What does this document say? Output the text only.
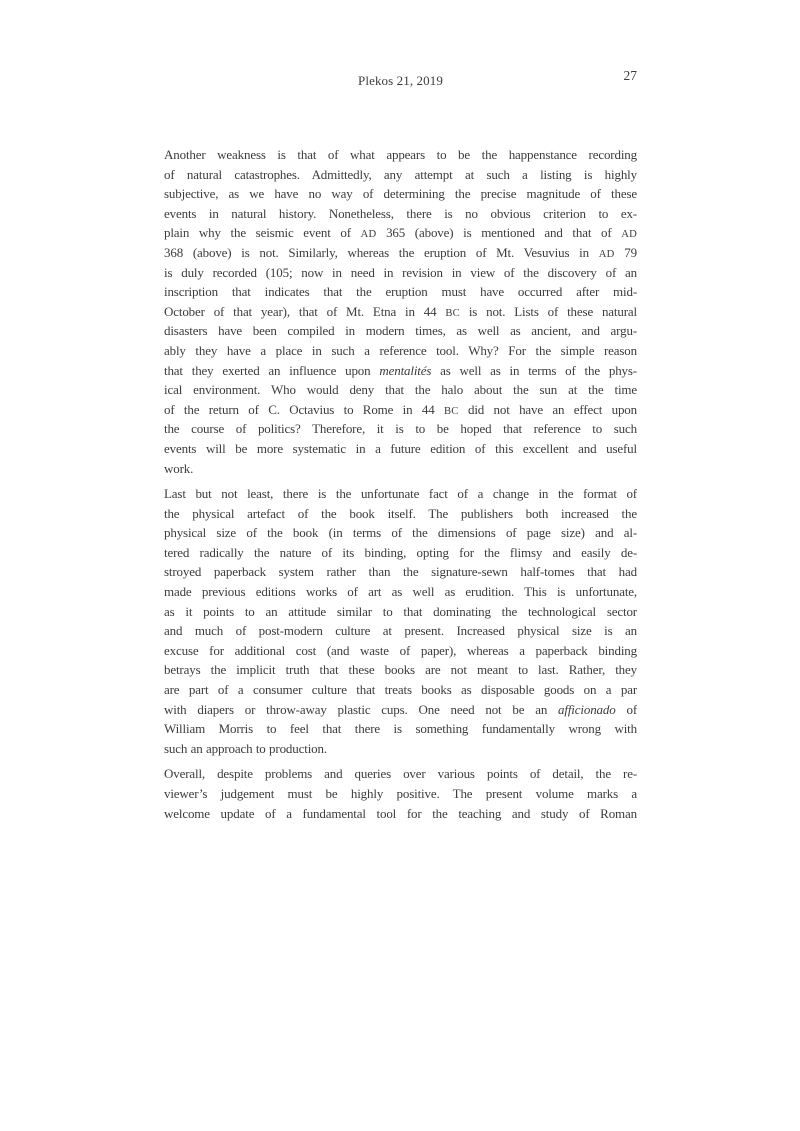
Plekos 21, 2019	27
Another weakness is that of what appears to be the happenstance recording
of natural catastrophes. Admittedly, any attempt at such a listing is highly
subjective, as we have no way of determining the precise magnitude of these
events in natural history. Nonetheless, there is no obvious criterion to ex-
plain why the seismic event of AD 365 (above) is mentioned and that of AD
368 (above) is not. Similarly, whereas the eruption of Mt. Vesuvius in AD 79
is duly recorded (105; now in need in revision in view of the discovery of an
inscription that indicates that the eruption must have occurred after mid-
October of that year), that of Mt. Etna in 44 BC is not. Lists of these natural
disasters have been compiled in modern times, as well as ancient, and argu-
ably they have a place in such a reference tool. Why? For the simple reason
that they exerted an influence upon mentalités as well as in terms of the phys-
ical environment. Who would deny that the halo about the sun at the time
of the return of C. Octavius to Rome in 44 BC did not have an effect upon
the course of politics? Therefore, it is to be hoped that reference to such
events will be more systematic in a future edition of this excellent and useful
work.
Last but not least, there is the unfortunate fact of a change in the format of
the physical artefact of the book itself. The publishers both increased the
physical size of the book (in terms of the dimensions of page size) and al-
tered radically the nature of its binding, opting for the flimsy and easily de-
stroyed paperback system rather than the signature-sewn half-tomes that had
made previous editions works of art as well as erudition. This is unfortunate,
as it points to an attitude similar to that dominating the technological sector
and much of post-modern culture at present. Increased physical size is an
excuse for additional cost (and waste of paper), whereas a paperback binding
betrays the implicit truth that these books are not meant to last. Rather, they
are part of a consumer culture that treats books as disposable goods on a par
with diapers or throw-away plastic cups. One need not be an afficionado of
William Morris to feel that there is something fundamentally wrong with
such an approach to production.
Overall, despite problems and queries over various points of detail, the re-
viewer’s judgement must be highly positive. The present volume marks a
welcome update of a fundamental tool for the teaching and study of Roman
